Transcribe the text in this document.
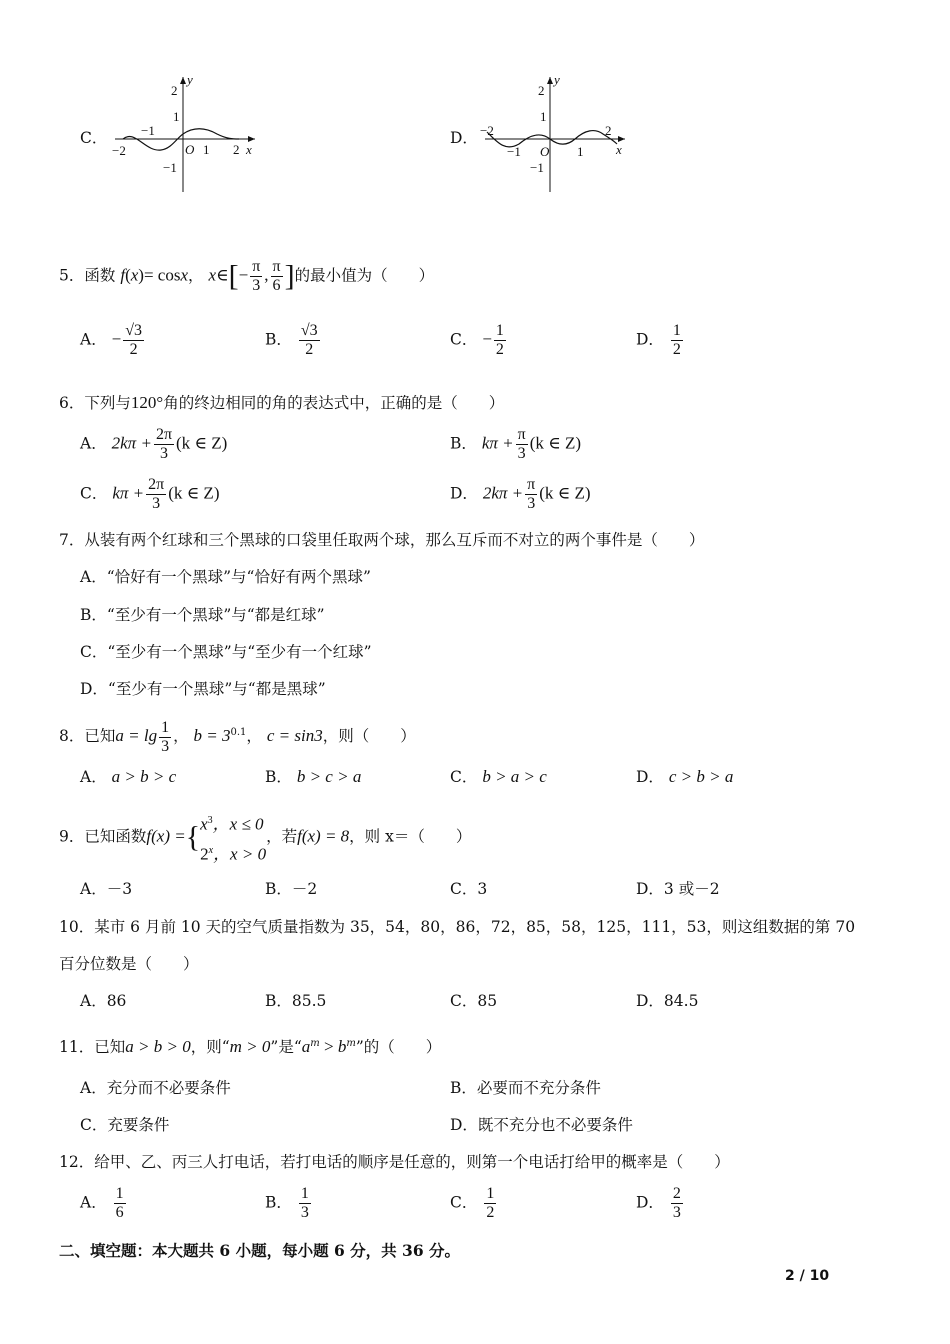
C．
2
y
1
−1
−2
−1
O 1 2 x
D．
2
y
1
−1
−2
−1 O 1
2
x
5．函数 f(x)= cosx， x∈[− $\frac{\pi}{3}$ , $\frac{\pi}{6}$ ]的最小值为（　　）
A． − $\frac{√3}{2}$	B． $\frac{√3}{2}$	C． − $\frac{1}{2}$	D． $\frac{1}{2}$
6．下列与120°角的终边相同的角的表达式中，正确的是（　　）
A． $2k\pi + \frac{2\pi}{3} (k$ ∈ Z)	B． $k\pi + \frac{\pi}{3} (k$ ∈ Z)
C． $k\pi + \frac{2\pi}{3} (k$ ∈ Z)	D． $2k\pi + \frac{\pi}{3} (k$ ∈ Z)
7．从装有两个红球和三个黑球的口袋里任取两个球，那么互斥而不对立的两个事件是（　　）
A．“恰好有一个黑球”与“恰好有两个黑球”
B．“至少有一个黑球”与“都是红球”
C．“至少有一个黑球”与“至少有一个红球”
D．“至少有一个黑球”与“都是黑球”
8．已知$a = \lg \frac{1}{3}$ ， $b = 3^{0.1}$， c = sin3，则（　　）
A． a > b > c	B． b > c > a	C． b > a > c	D． c > b > a
9．已知函数f(x) ={ $x^3$，x ≤ 0
2$^x$，x > 0
，若f(x) = 8，则 x＝（　　）
A．－3	B．－2	C．3	D．3 或－2
10．某市 6 月前 10 天的空气质量指数为 35，54，80，86，72，85，58，125，111，53，则这组数据的第 70
百分位数是（　　）
A．86	B．85.5	C．85	D．84.5
11．已知a > b > 0，则“m > 0”是“$a^m > b^m$”的（　　）
A．充分而不必要条件	B．必要而不充分条件
C．充要条件	D．既不充分也不必要条件
12．给甲、乙、丙三人打电话，若打电话的顺序是任意的，则第一个电话打给甲的概率是（　　）
A． $\frac{1}{6}$	B． $\frac{1}{3}$	C． $\frac{1}{2}$	D． $\frac{2}{3}$
二、填空题：本大题共 6 小题，每小题 6 分，共 36 分。
2 / 10
